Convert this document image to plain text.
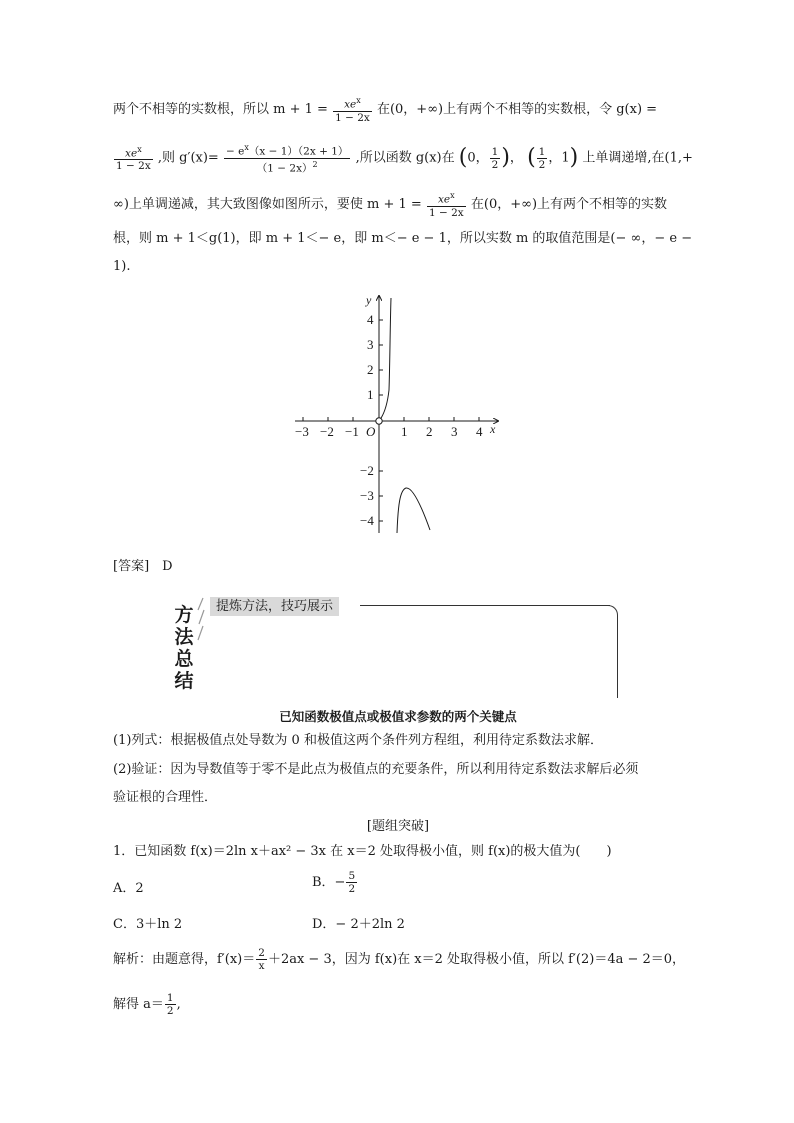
两个不相等的实数根，所以 $m + 1 = \frac{xe^x}{1 - 2x}$ 在(0，+∞)上有两个不相等的实数根，令 g(x) =
$\frac{xe^x}{1 - 2x}$ ,则 $g'(x)= \frac{- e^x(x - 1)(2x + 1)}{(1 - 2x)^2}$ ,所以函数 g(x)在 (0， $\frac{1}{2}$ )， ( $\frac{1}{2}$ ，1) 上单调递增,在(1,+
∞)上单调递减，其大致图像如图所示，要使 $m + 1 = \frac{xe^x}{1 - 2x}$ 在(0，+∞)上有两个不相等的实数
根，则 m + 1＜g(1)，即 m + 1＜− e，即 m＜− e − 1，所以实数 m 的取值范围是(− ∞，− e −
1).
−3 −2 −1	1 2 3 4 x
y
O
4
3
2
1
−2
−3
−4
[答案]　D
方
法
总
结
提炼方法，技巧展示
已知函数极值点或极值求参数的两个关键点
(1)列式：根据极值点处导数为 0 和极值这两个条件列方程组，利用待定系数法求解．
(2)验证：因为导数值等于零不是此点为极值点的充要条件，所以利用待定系数法求解后必须
验证根的合理性．
[题组突破]
1．已知函数 f(x)＝2ln x＋ax² − 3x 在 x＝2 处取得极小值，则 f(x)的极大值为(　　)
A．2	B．− $\frac{5}{2}$
C．3＋ln 2	D．− 2＋2ln 2
解析：由题意得，$f'(x)= \frac{2}{x} +2ax - 3$，因为 f(x)在 x＝2 处取得极小值，所以 f′(2)＝4a − 2＝0，
解得 $a= \frac{1}{2}$ ,
